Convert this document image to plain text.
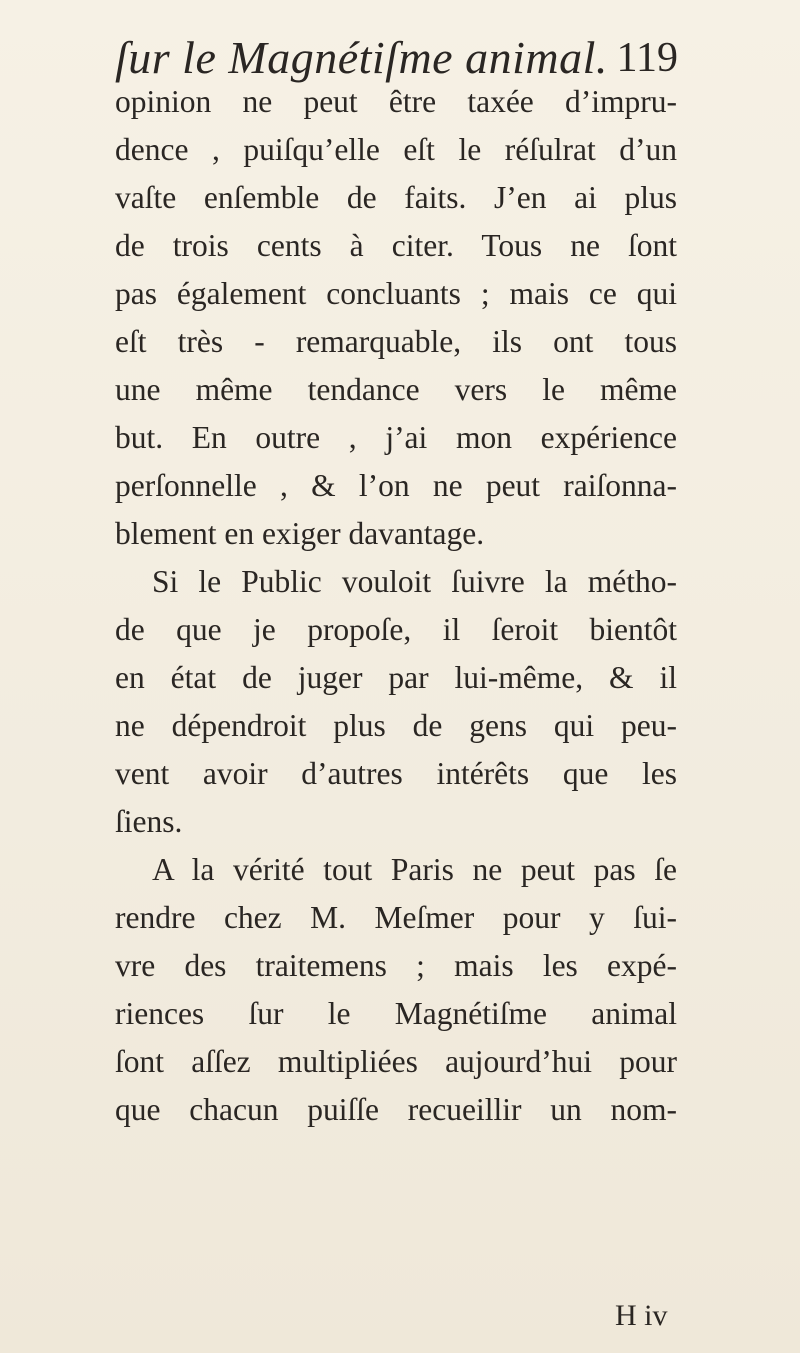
ſur le Magnétiſme animal. 119
opinion ne peut être taxée d’impru-
dence , puiſqu’elle eſt le réſulrat d’un
vaſte enſemble de faits. J’en ai plus
de trois cents à citer. Tous ne ſont
pas également concluants ; mais ce qui
eſt très - remarquable, ils ont tous
une même tendance vers le même
but. En outre , j’ai mon expérience
perſonnelle , & l’on ne peut raiſonna-
blement en exiger davantage.
Si le Public vouloit ſuivre la métho-
de que je propoſe, il ſeroit bientôt
en état de juger par lui-même, & il
ne dépendroit plus de gens qui peu-
vent avoir d’autres intérêts que les
ſiens.
A la vérité tout Paris ne peut pas ſe
rendre chez M. Meſmer pour y ſui-
vre des traitemens ; mais les expé-
riences ſur le Magnétiſme animal
ſont aſſez multipliées aujourd’hui pour
que chacun puiſſe recueillir un nom-
H iv
